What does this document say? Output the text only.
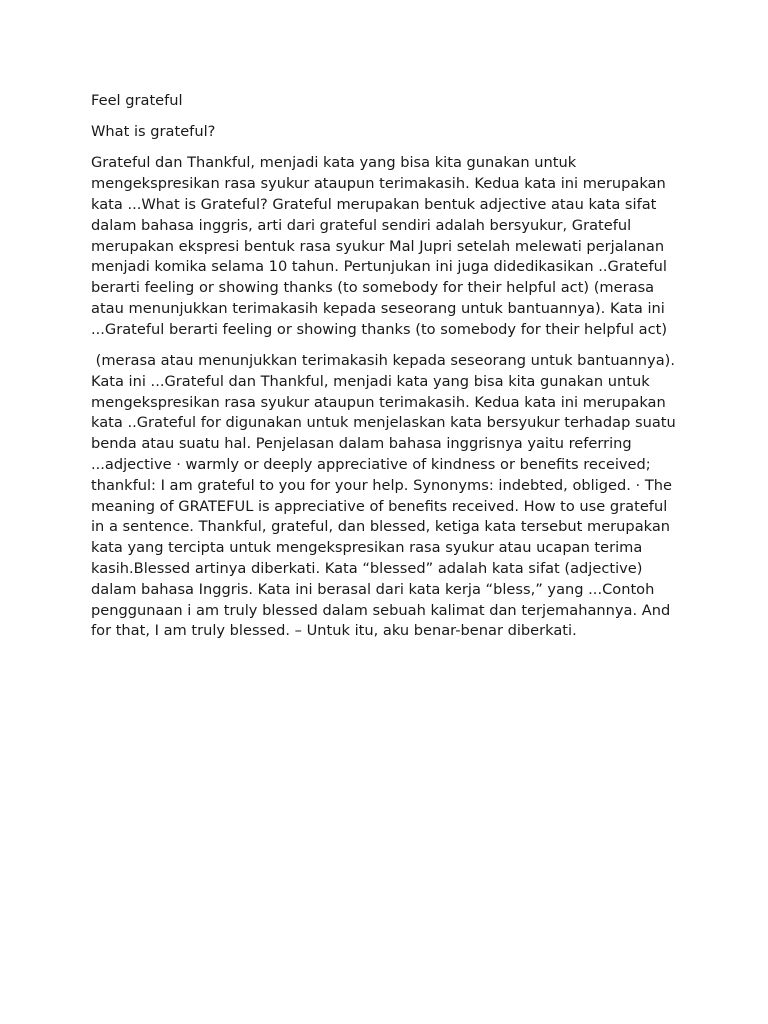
Feel grateful

What is grateful?

Grateful dan Thankful, menjadi kata yang bisa kita gunakan untuk mengekspresikan rasa syukur ataupun terimakasih. Kedua kata ini merupakan kata ...What is Grateful? Grateful merupakan bentuk adjective atau kata sifat dalam bahasa inggris, arti dari grateful sendiri adalah bersyukur, Grateful merupakan ekspresi bentuk rasa syukur Mal Jupri setelah melewati perjalanan menjadi komika selama 10 tahun. Pertunjukan ini juga didedikasikan ..Grateful berarti feeling or showing thanks (to somebody for their helpful act) (merasa atau menunjukkan terimakasih kepada seseorang untuk bantuannya). Kata ini ...Grateful berarti feeling or showing thanks (to somebody for their helpful act)

(merasa atau menunjukkan terimakasih kepada seseorang untuk bantuannya). Kata ini ...Grateful dan Thankful, menjadi kata yang bisa kita gunakan untuk mengekspresikan rasa syukur ataupun terimakasih. Kedua kata ini merupakan kata ..Grateful for digunakan untuk menjelaskan kata bersyukur terhadap suatu benda atau suatu hal. Penjelasan dalam bahasa inggrisnya yaitu referring ...adjective · warmly or deeply appreciative of kindness or benefits received; thankful: I am grateful to you for your help. Synonyms: indebted, obliged. · The meaning of GRATEFUL is appreciative of benefits received. How to use grateful in a sentence. Thankful, grateful, dan blessed, ketiga kata tersebut merupakan kata yang tercipta untuk mengekspresikan rasa syukur atau ucapan terima kasih.Blessed artinya diberkati. Kata “blessed” adalah kata sifat (adjective) dalam bahasa Inggris. Kata ini berasal dari kata kerja “bless,” yang ...Contoh penggunaan i am truly blessed dalam sebuah kalimat dan terjemahannya. And for that, I am truly blessed. – Untuk itu, aku benar-benar diberkati.
